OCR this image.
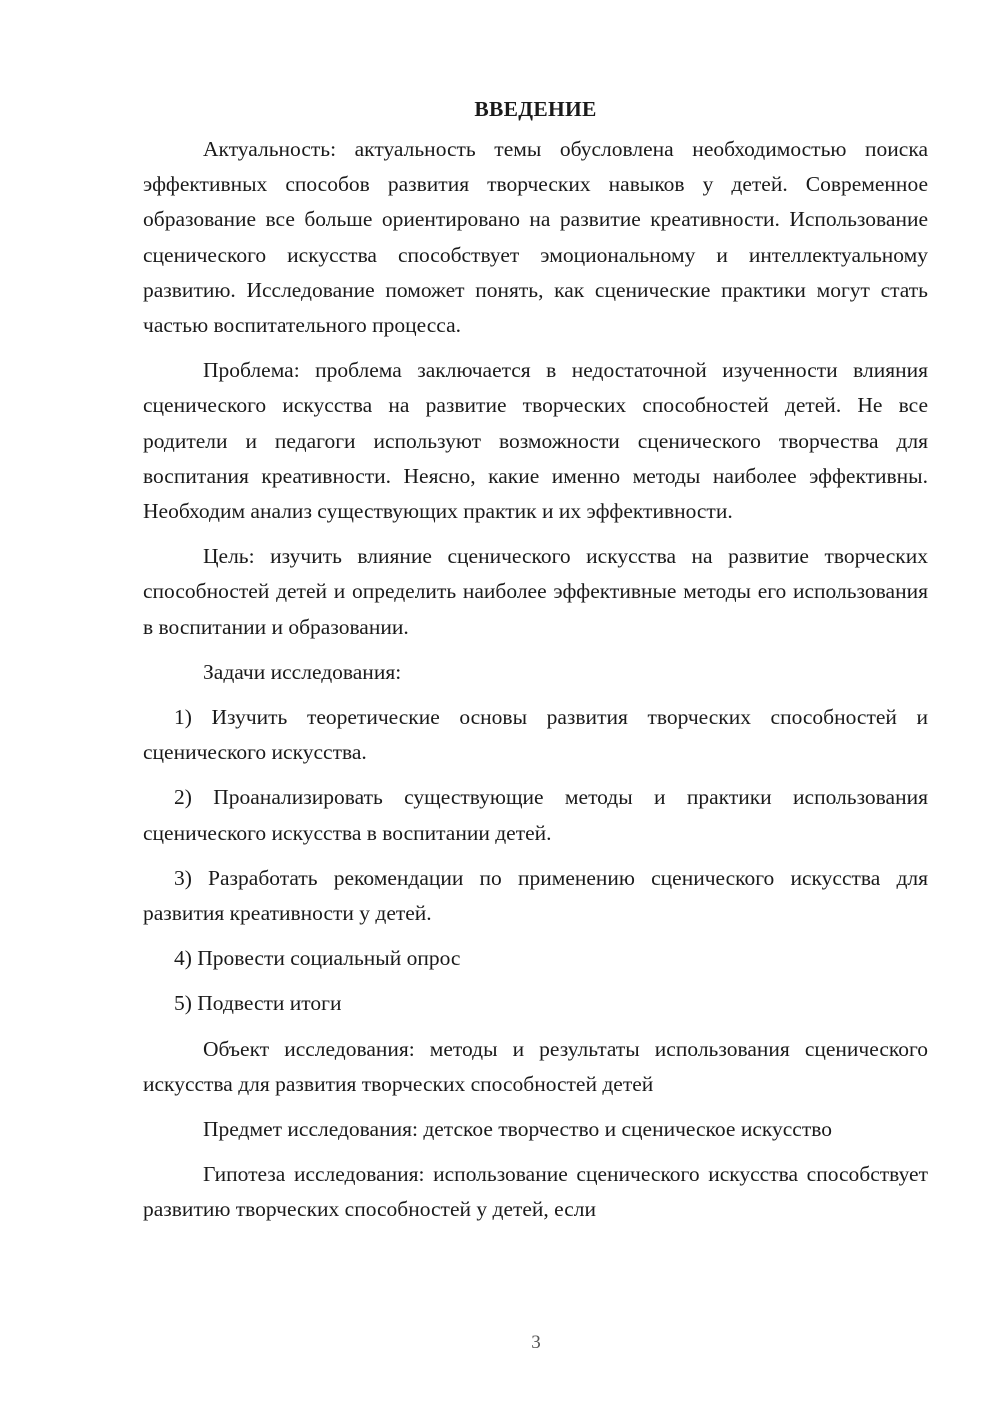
ВВЕДЕНИЕ

Актуальность: актуальность темы обусловлена необходимостью поиска эффективных способов развития творческих навыков у детей. Современное образование все больше ориентировано на развитие креативности. Использование сценического искусства способствует эмоциональному и интеллектуальному развитию. Исследование поможет понять, как сценические практики могут стать частью воспитательного процесса.

Проблема: проблема заключается в недостаточной изученности влияния сценического искусства на развитие творческих способностей детей. Не все родители и педагоги используют возможности сценического творчества для воспитания креативности. Неясно, какие именно методы наиболее эффективны. Необходим анализ существующих практик и их эффективности.

Цель: изучить влияние сценического искусства на развитие творческих способностей детей и определить наиболее эффективные методы его использования в воспитании и образовании.

Задачи исследования:

1) Изучить теоретические основы развития творческих способностей и сценического искусства.

2) Проанализировать существующие методы и практики использования сценического искусства в воспитании детей.

3) Разработать рекомендации по применению сценического искусства для развития креативности у детей.

4) Провести социальный опрос

5) Подвести итоги

Объект исследования: методы и результаты использования сценического искусства для развития творческих способностей детей

Предмет исследования: детское творчество и сценическое искусство

Гипотеза исследования: использование сценического искусства способствует развитию творческих способностей у детей, если

3
